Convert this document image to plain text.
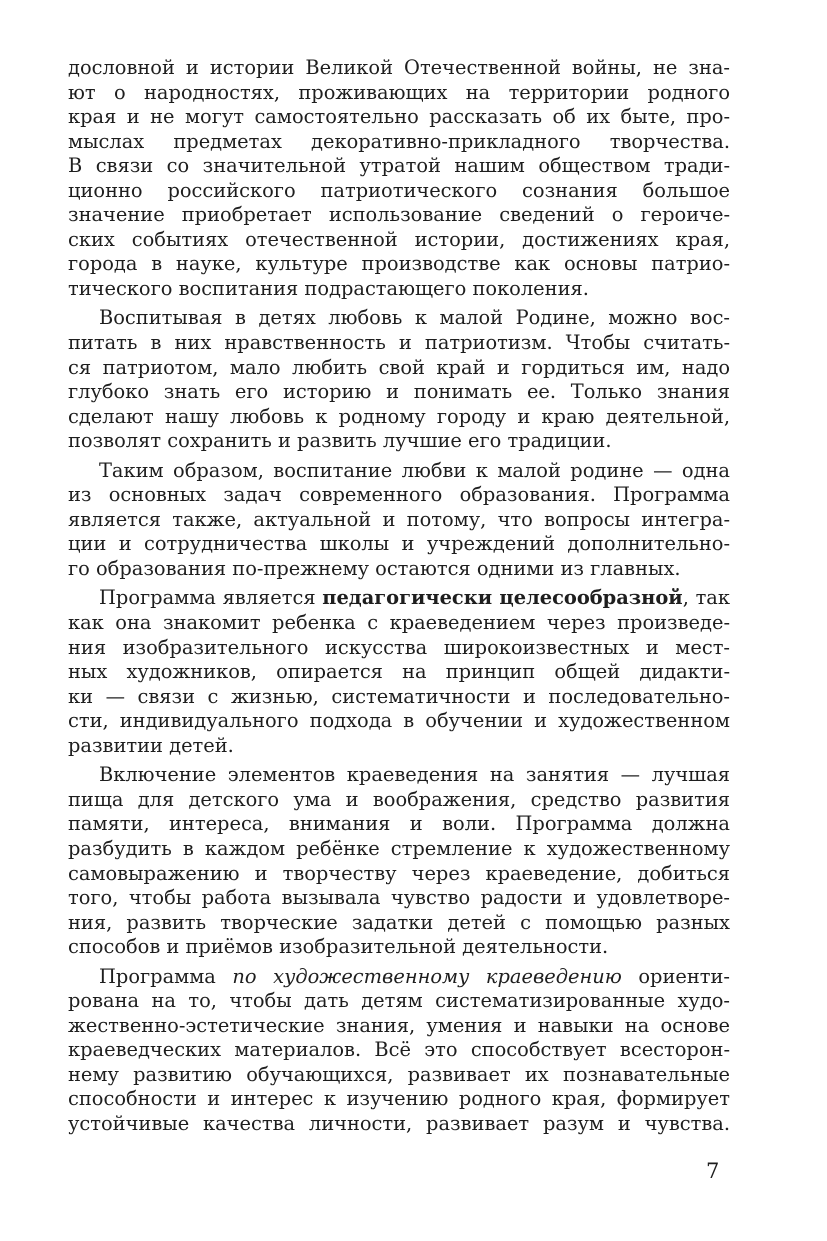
дословной и истории Великой Отечественной войны, не зна-
ют о народностях, проживающих на территории родного
края и не могут самостоятельно рассказать об их быте, про-
мыслах предметах декоративно-прикладного творчества.
В связи со значительной утратой нашим обществом тради-
ционно российского патриотического сознания большое
значение приобретает использование сведений о героиче-
ских событиях отечественной истории, достижениях края,
города в науке, культуре производстве как основы патрио-
тического воспитания подрастающего поколения.

Воспитывая в детях любовь к малой Родине, можно вос-
питать в них нравственность и патриотизм. Чтобы считать-
ся патриотом, мало любить свой край и гордиться им, надо
глубоко знать его историю и понимать ее. Только знания
сделают нашу любовь к родному городу и краю деятельной,
позволят сохранить и развить лучшие его традиции.

Таким образом, воспитание любви к малой родине — одна
из основных задач современного образования. Программа
является также, актуальной и потому, что вопросы интегра-
ции и сотрудничества школы и учреждений дополнительно-
го образования по-прежнему остаются одними из главных.

Программа является педагогически целесообразной, так
как она знакомит ребенка с краеведением через произведе-
ния изобразительного искусства широкоизвестных и мест-
ных художников, опирается на принцип общей дидакти-
ки — связи с жизнью, систематичности и последовательно-
сти, индивидуального подхода в обучении и художественном
развитии детей.

Включение элементов краеведения на занятия — лучшая
пища для детского ума и воображения, средство развития
памяти, интереса, внимания и воли. Программа должна
разбудить в каждом ребёнке стремление к художественному
самовыражению и творчеству через краеведение, добиться
того, чтобы работа вызывала чувство радости и удовлетворе-
ния, развить творческие задатки детей с помощью разных
способов и приёмов изобразительной деятельности.

Программа по художественному краеведению ориенти-
рована на то, чтобы дать детям систематизированные худо-
жественно-эстетические знания, умения и навыки на основе
краеведческих материалов. Всё это способствует всесторон-
нему развитию обучающихся, развивает их познавательные
способности и интерес к изучению родного края, формирует
устойчивые качества личности, развивает разум и чувства.

7
